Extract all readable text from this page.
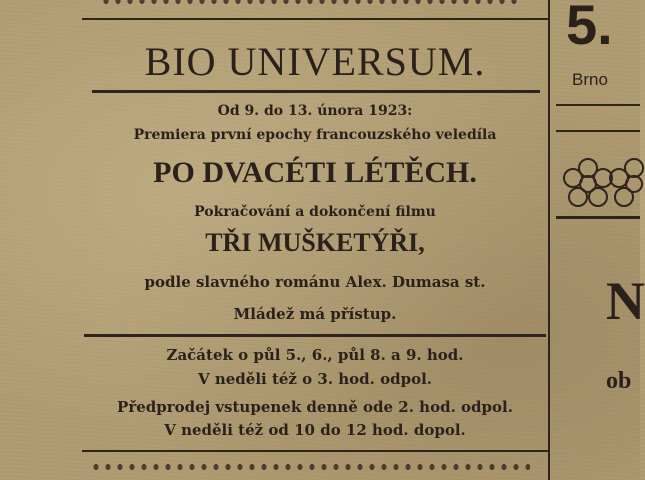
BIO UNIVERSUM.
Od 9. do 13. února 1923:
Premiera první epochy francouzského veledíla
PO DVACÉTI LÉTĚCH.
Pokračování a dokončení filmu
TŘI MUŠKETÝŘI,
podle slavného románu Alex. Dumasa st.
Mládež má přístup.
Začátek o půl 5., 6., půl 8. a 9. hod.
V neděli též o 3. hod. odpol.
Předprodej vstupenek denně ode 2. hod. odpol.
V neděli též od 10 do 12 hod. dopol.
5.
Brno
N
ob
